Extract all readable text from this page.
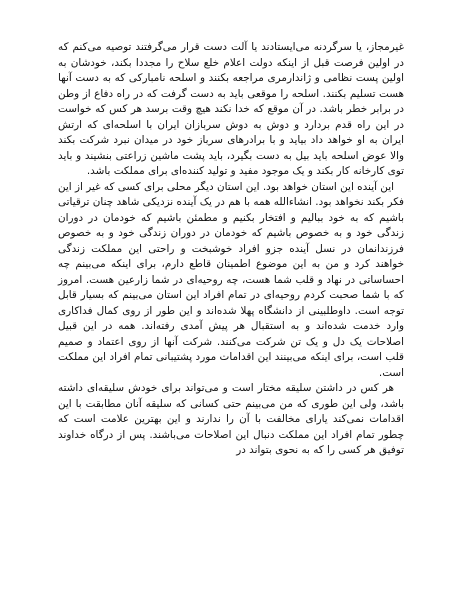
غیرمجاز، یا سرگردنه می‌ایستادند یا آلت دست قرار می‌گرفتند توصیه می‌کنم که در اولین فرصت قبل از اینکه دولت اعلام خلع سلاح را مجددا بکند، خودشان به اولین پست نظامی و ژاندارمری مراجعه بکنند و اسلحه نامبارکی که به دست آنها هست تسلیم بکنند. اسلحه را موقعی باید به دست گرفت که در راه دفاع از وطن در برابر خطر باشد. در آن موقع که خدا نکند هیچ وقت برسد هر کس که خواست در این راه قدم بردارد و دوش به دوش سربازان ایران با اسلحه‌ای که ارتش ایران به او خواهد داد بیاید و با برادرهای سرباز خود در میدان نبرد شرکت بکند والا عوض اسلحه باید بیل به دست بگیرد، باید پشت ماشین زراعتی بنشیند و باید توی کارخانه کار بکند و یک موجود مفید و تولید کننده‌ای برای مملکت باشد.

این آینده این استان خواهد بود. این استان دیگر محلی برای کسی که غیر از این فکر بکند نخواهد بود. انشاءالله همه با هم در یک آینده نزدیکی شاهد چنان ترقیاتی باشیم که به خود ببالیم و افتخار بکنیم و مطمئن باشیم که خودمان در دوران زندگی خود و به خصوص باشیم که خودمان در دوران زندگی خود و به خصوص فرزندانمان در نسل آینده جزو افراد خوشبخت و راحتی این مملکت زندگی خواهند کرد و من به این موضوع اطمینان قاطع دارم، برای اینکه می‌بینم چه احساساتی در نهاد و قلب شما هست، چه روحیه‌ای در شما زارعین هست. امروز که با شما صحبت کردم روحیه‌ای در تمام افراد این استان می‌بینم که بسیار قابل توجه است. داوطلبینی از دانشگاه پهلا شده‌اند و این طور از روی کمال فداکاری وارد خدمت شده‌اند و به استقبال هر پیش آمدی رفته‌اند. همه در این قبیل اصلاحات یک دل و یک تن شرکت می‌کنند. شرکت آنها از روی اعتماد و صمیم قلب است، برای اینکه می‌بینند این اقدامات مورد پشتیبانی تمام افراد این مملکت است.

هر کس در داشتن سلیقه مختار است و می‌تواند برای خودش سلیقه‌ای داشته باشد، ولی این طوری که من می‌بینم حتی کسانی که سلیقه آنان مطابقت با این اقدامات نمی‌کند یارای مخالفت با آن را ندارند و این بهترین علامت است که چطور تمام افراد این مملکت دنبال این اصلاحات می‌باشند. پس از درگاه خداوند توفیق هر کسی را که به نحوی بتواند در
